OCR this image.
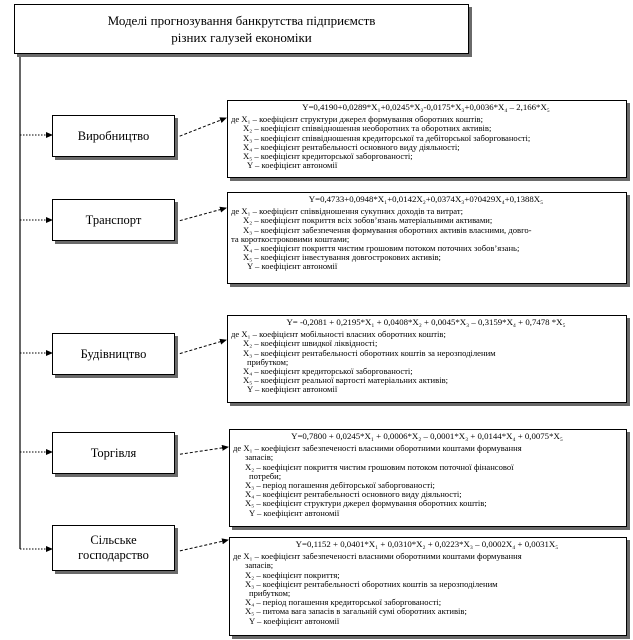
Моделі прогнозування банкрутства підприємств
різних галузей економіки
Виробництво
Транспорт
Будівництво
Торгівля
Сільське
господарство
Y=0,4190+0,0289*X₁+0,0245*X₂-0,0175*X₃+0,0036*X₄ – 2,166*X₅
де X₁ – коефіцієнт структури джерел формування оборотних коштів;
X₂ – коефіцієнт співвідношення необоротних та оборотних активів;
X₃ – коефіцієнт співвідношення кредиторської та дебіторської заборгованості;
X₄ – коефіцієнт рентабельності основного виду діяльності;
X₅ – коефіцієнт кредиторської заборгованості;
Y – коефіцієнт автономії
Y=0,4733+0,0948*X₁+0,0142X₂+0,0374X₃+0?0429X₄+0,1388X₅
де X₁ – коефіцієнт співвідношення сукупних доходів та витрат;
X₂ – коефіцієнт покриття всіх зобов’язань матеріальними активами;
X₃ – коефіцієнт забезпечення формування оборотних активів власними, довго-
та короткостроковими коштами;
X₄ – коефіцієнт покриття чистим грошовим потоком поточних зобов’язань;
X₅ – коефіцієнт інвестування довгострокових активів;
Y – коефіцієнт автономії
Y= -0,2081 + 0,2195*X₁ + 0,0408*X₂ + 0,0045*X₃ – 0,3159*X₄ + 0,7478 *X₅
де X₁ – коефіцієнт мобільності власних оборотних коштів;
X₂ – коефіцієнт швидкої ліквідності;
X₃ – коефіцієнт рентабельності оборотних коштів за нерозподіленим
прибутком;
X₄ – коефіцієнт кредиторської заборгованості;
X₅ – коефіцієнт реальної вартості матеріальних активів;
Y – коефіцієнт автономії
Y=0,7800 + 0,0245*X₁ + 0,0006*X₂ – 0,0001*X₃ + 0,0144*X₄ + 0,0075*X₅
де X₁ – коефіцієнт забезпеченості власними оборотними коштами формування
запасів;
X₂ – коефіцієнт покриття чистим грошовим потоком поточної фінансової
потреби;
X₃ – період погашення дебіторської заборгованості;
X₄ – коефіцієнт рентабельності основного виду діяльності;
X₅ – коефіцієнт структури джерел формування оборотних коштів;
Y – коефіцієнт автономії
Y=0,1152 + 0,0401*X₁ + 0,0310*X₂ + 0,0223*X₃ – 0,0002X₄ + 0,0031X₅
де X₁ – коефіцієнт забезпеченості власними оборотними коштами формування
запасів;
X₂ – коефіцієнт покриття;
X₃ – коефіцієнт рентабельності оборотних коштів за нерозподіленим
прибутком;
X₄ – період погашення кредиторської заборгованості;
X₅ – питома вага запасів в загальній сумі оборотних активів;
Y – коефіцієнт автономії
